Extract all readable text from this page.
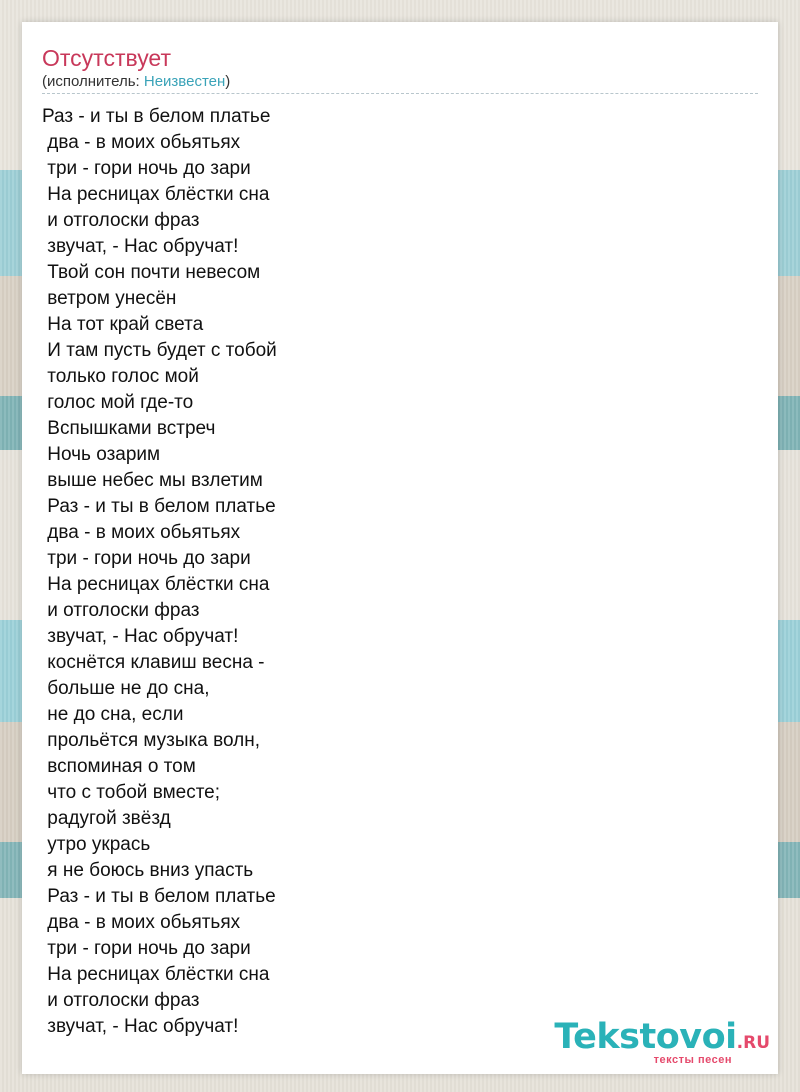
Отсутствует
(исполнитель: Неизвестен)
Раз - и ты в белом платье
два - в моих обьятьях
три - гори ночь до зари
На ресницах блёстки сна
и отголоски фраз
звучат, - Нас обручат!
Твой сон почти невесом
ветром унесён
На тот край света
И там пусть будет с тобой
только голос мой
голос мой где-то
Вспышками встреч
Ночь озарим
выше небес мы взлетим
Раз - и ты в белом платье
два - в моих обьятьях
три - гори ночь до зари
На ресницах блёстки сна
и отголоски фраз
звучат, - Нас обручат!
коснётся клавиш весна -
больше не до сна,
не до сна, если
прольётся музыка волн,
вспоминая о том
что с тобой вместе;
радугой звёзд
утро укрась
я не боюсь вниз упасть
Раз - и ты в белом платье
два - в моих обьятьях
три - гори ночь до зари
На ресницах блёстки сна
и отголоски фраз
звучат, - Нас обручат!	Tekstovoi.RU
тексты песен
